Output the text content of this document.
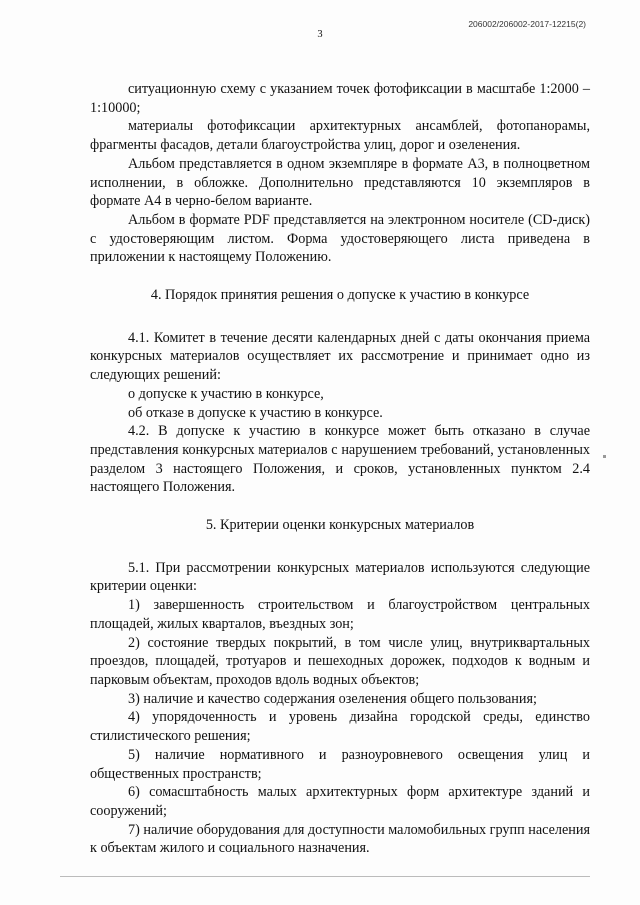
206002/206002-2017-12215(2)
3

ситуационную схему с указанием точек фотофиксации в масштабе 1:2000 – 1:10000;

материалы фотофиксации архитектурных ансамблей, фотопанорамы, фрагменты фасадов, детали благоустройства улиц, дорог и озеленения.

Альбом представляется в одном экземпляре в формате А3, в полноцветном исполнении, в обложке. Дополнительно представляются 10 экземпляров в формате А4 в черно-белом варианте.

Альбом в формате PDF представляется на электронном носителе (CD-диск) с удостоверяющим листом. Форма удостоверяющего листа приведена в приложении к настоящему Положению.

4. Порядок принятия решения о допуске к участию в конкурсе

4.1. Комитет в течение десяти календарных дней с даты окончания приема конкурсных материалов осуществляет их рассмотрение и принимает одно из следующих решений:

о допуске к участию в конкурсе,

об отказе в допуске к участию в конкурсе.

4.2. В допуске к участию в конкурсе может быть отказано в случае представления конкурсных материалов с нарушением требований, установленных разделом 3 настоящего Положения, и сроков, установленных пунктом 2.4 настоящего Положения.

5. Критерии оценки конкурсных материалов

5.1. При рассмотрении конкурсных материалов используются следующие критерии оценки:

1) завершенность строительством и благоустройством центральных площадей, жилых кварталов, въездных зон;

2) состояние твердых покрытий, в том числе улиц, внутриквартальных проездов, площадей, тротуаров и пешеходных дорожек, подходов к водным и парковым объектам, проходов вдоль водных объектов;

3) наличие и качество содержания озеленения общего пользования;

4) упорядоченность и уровень дизайна городской среды, единство стилистического решения;

5) наличие нормативного и разноуровневого освещения улиц и общественных пространств;

6) сомасштабность малых архитектурных форм архитектуре зданий и сооружений;

7) наличие оборудования для доступности маломобильных групп населения к объектам жилого и социального назначения.
